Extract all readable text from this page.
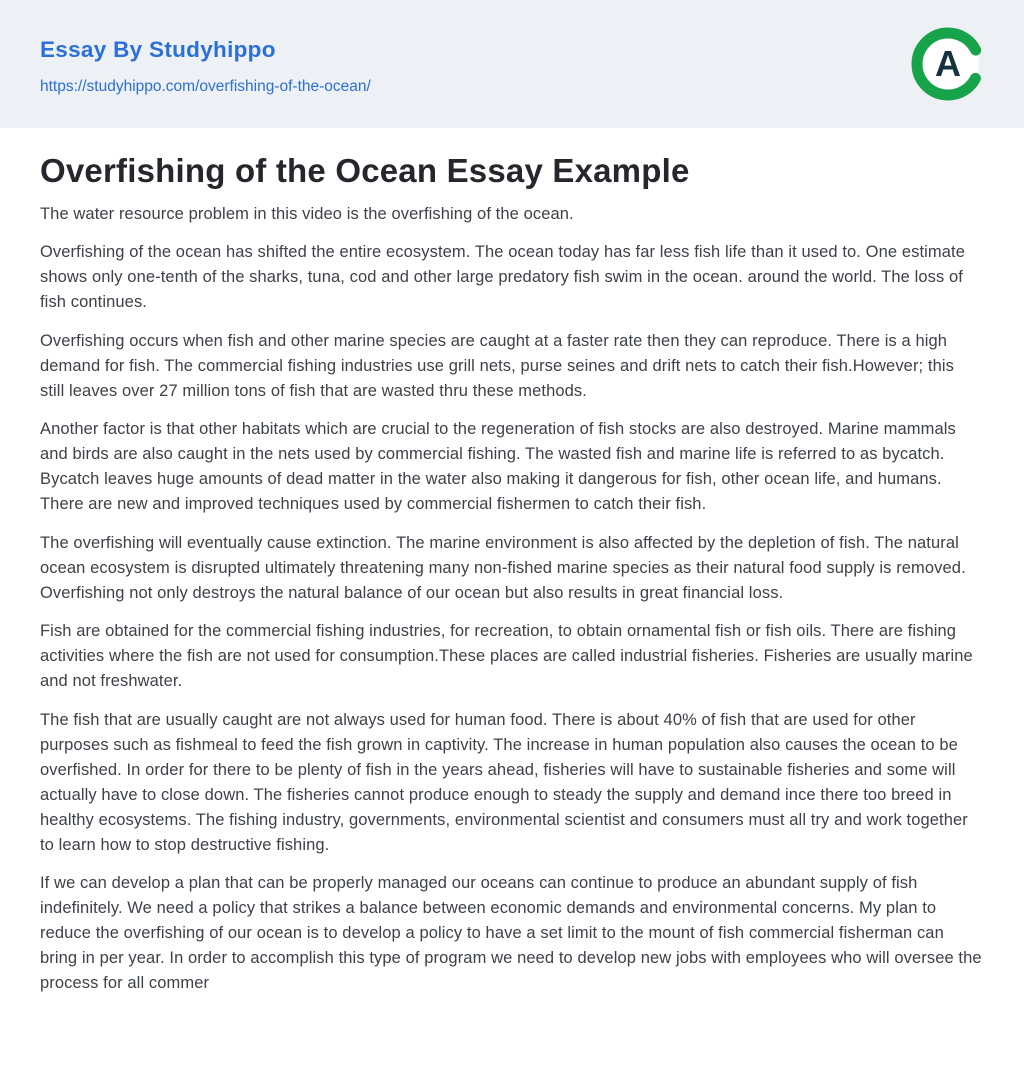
Essay By Studyhippo
https://studyhippo.com/overfishing-of-the-ocean/
A
Overfishing of the Ocean Essay Example

The water resource problem in this video is the overfishing of the ocean.

Overfishing of the ocean has shifted the entire ecosystem. The ocean today has far less fish life than it used to. One estimate shows only one-tenth of the sharks, tuna, cod and other large predatory fish swim in the ocean. around the world. The loss of fish continues.

Overfishing occurs when fish and other marine species are caught at a faster rate then they can reproduce. There is a high demand for fish. The commercial fishing industries use grill nets, purse seines and drift nets to catch their fish.However; this still leaves over 27 million tons of fish that are wasted thru these methods.

Another factor is that other habitats which are crucial to the regeneration of fish stocks are also destroyed. Marine mammals and birds are also caught in the nets used by commercial fishing. The wasted fish and marine life is referred to as bycatch. Bycatch leaves huge amounts of dead matter in the water also making it dangerous for fish, other ocean life, and humans. There are new and improved techniques used by commercial fishermen to catch their fish.

The overfishing will eventually cause extinction. The marine environment is also affected by the depletion of fish. The natural ocean ecosystem is disrupted ultimately threatening many non-fished marine species as their natural food supply is removed. Overfishing not only destroys the natural balance of our ocean but also results in great financial loss.

Fish are obtained for the commercial fishing industries, for recreation, to obtain ornamental fish or fish oils. There are fishing activities where the fish are not used for consumption.These places are called industrial fisheries. Fisheries are usually marine and not freshwater.

The fish that are usually caught are not always used for human food. There is about 40% of fish that are used for other purposes such as fishmeal to feed the fish grown in captivity. The increase in human population also causes the ocean to be overfished. In order for there to be plenty of fish in the years ahead, fisheries will have to sustainable fisheries and some will actually have to close down. The fisheries cannot produce enough to steady the supply and demand ince there too breed in healthy ecosystems. The fishing industry, governments, environmental scientist and consumers must all try and work together to learn how to stop destructive fishing.

If we can develop a plan that can be properly managed our oceans can continue to produce an abundant supply of fish indefinitely. We need a policy that strikes a balance between economic demands and environmental concerns. My plan to reduce the overfishing of our ocean is to develop a policy to have a set limit to the mount of fish commercial fisherman can bring in per year. In order to accomplish this type of program we need to develop new jobs with employees who will oversee the process for all commer
